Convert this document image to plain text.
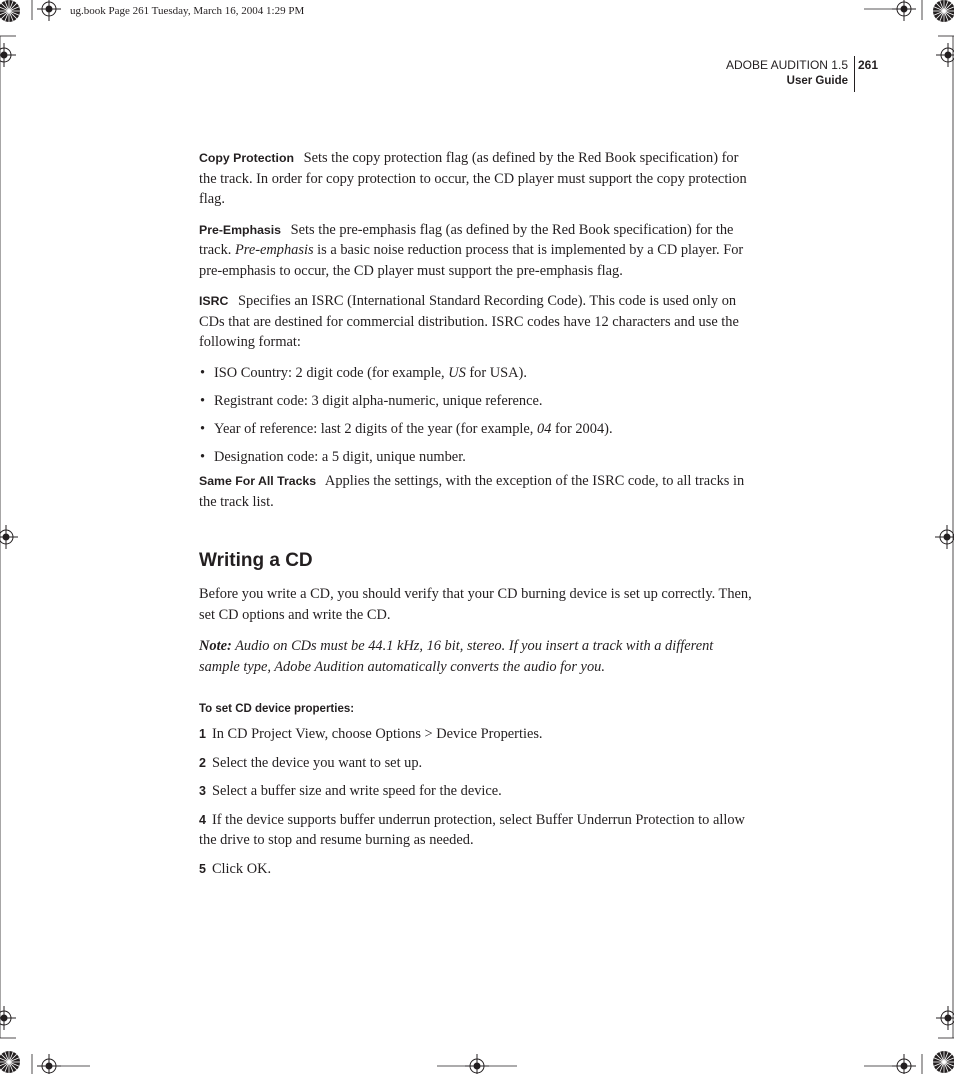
ug.book Page 261 Tuesday, March 16, 2004 1:29 PM
ADOBE AUDITION 1.5
User Guide
261

Copy Protection Sets the copy protection flag (as defined by the Red Book specification) for the track. In order for copy protection to occur, the CD player must support the copy protection flag.

Pre-Emphasis Sets the pre-emphasis flag (as defined by the Red Book specification) for the track. Pre-emphasis is a basic noise reduction process that is implemented by a CD player. For pre-emphasis to occur, the CD player must support the pre-emphasis flag.

ISRC Specifies an ISRC (International Standard Recording Code). This code is used only on CDs that are destined for commercial distribution. ISRC codes have 12 characters and use the following format:

• ISO Country: 2 digit code (for example, US for USA).
• Registrant code: 3 digit alpha-numeric, unique reference.
• Year of reference: last 2 digits of the year (for example, 04 for 2004).
• Designation code: a 5 digit, unique number.

Same For All Tracks Applies the settings, with the exception of the ISRC code, to all tracks in the track list.

Writing a CD

Before you write a CD, you should verify that your CD burning device is set up correctly. Then, set CD options and write the CD.

Note: Audio on CDs must be 44.1 kHz, 16 bit, stereo. If you insert a track with a different sample type, Adobe Audition automatically converts the audio for you.

To set CD device properties:
1 In CD Project View, choose Options > Device Properties.
2 Select the device you want to set up.
3 Select a buffer size and write speed for the device.
4 If the device supports buffer underrun protection, select Buffer Underrun Protection to allow the drive to stop and resume burning as needed.
5 Click OK.
